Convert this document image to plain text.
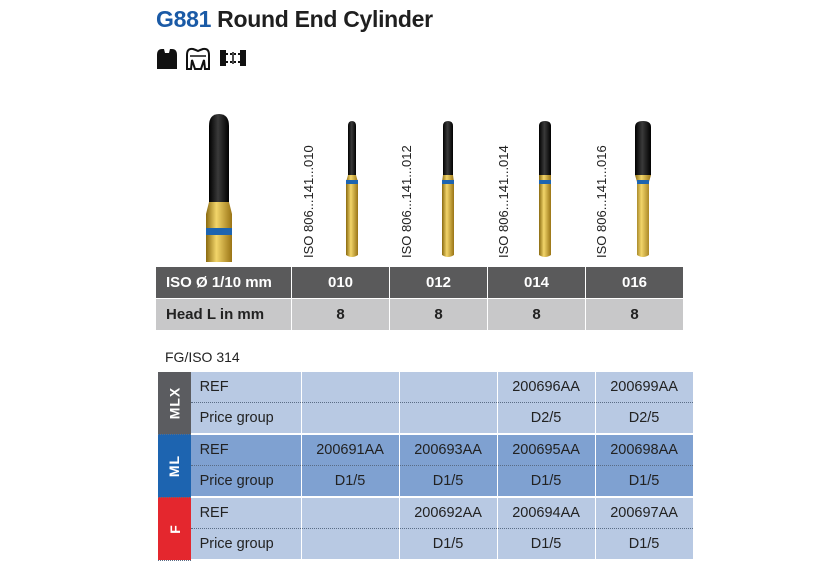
G881 Round End Cylinder
ISO 806...141...010	ISO 806...141...012	ISO 806...141...014	ISO 806...141...016
ISO Ø 1/10 mm	010	012	014	016
Head L in mm	8	8	8	8
FG/ISO 314
MLX	REF			200696AA	200699AA
	Price group			D2/5	D2/5
ML	REF	200691AA	200693AA	200695AA	200698AA
	Price group	D1/5	D1/5	D1/5	D1/5
F	REF		200692AA	200694AA	200697AA
	Price group		D1/5	D1/5	D1/5
